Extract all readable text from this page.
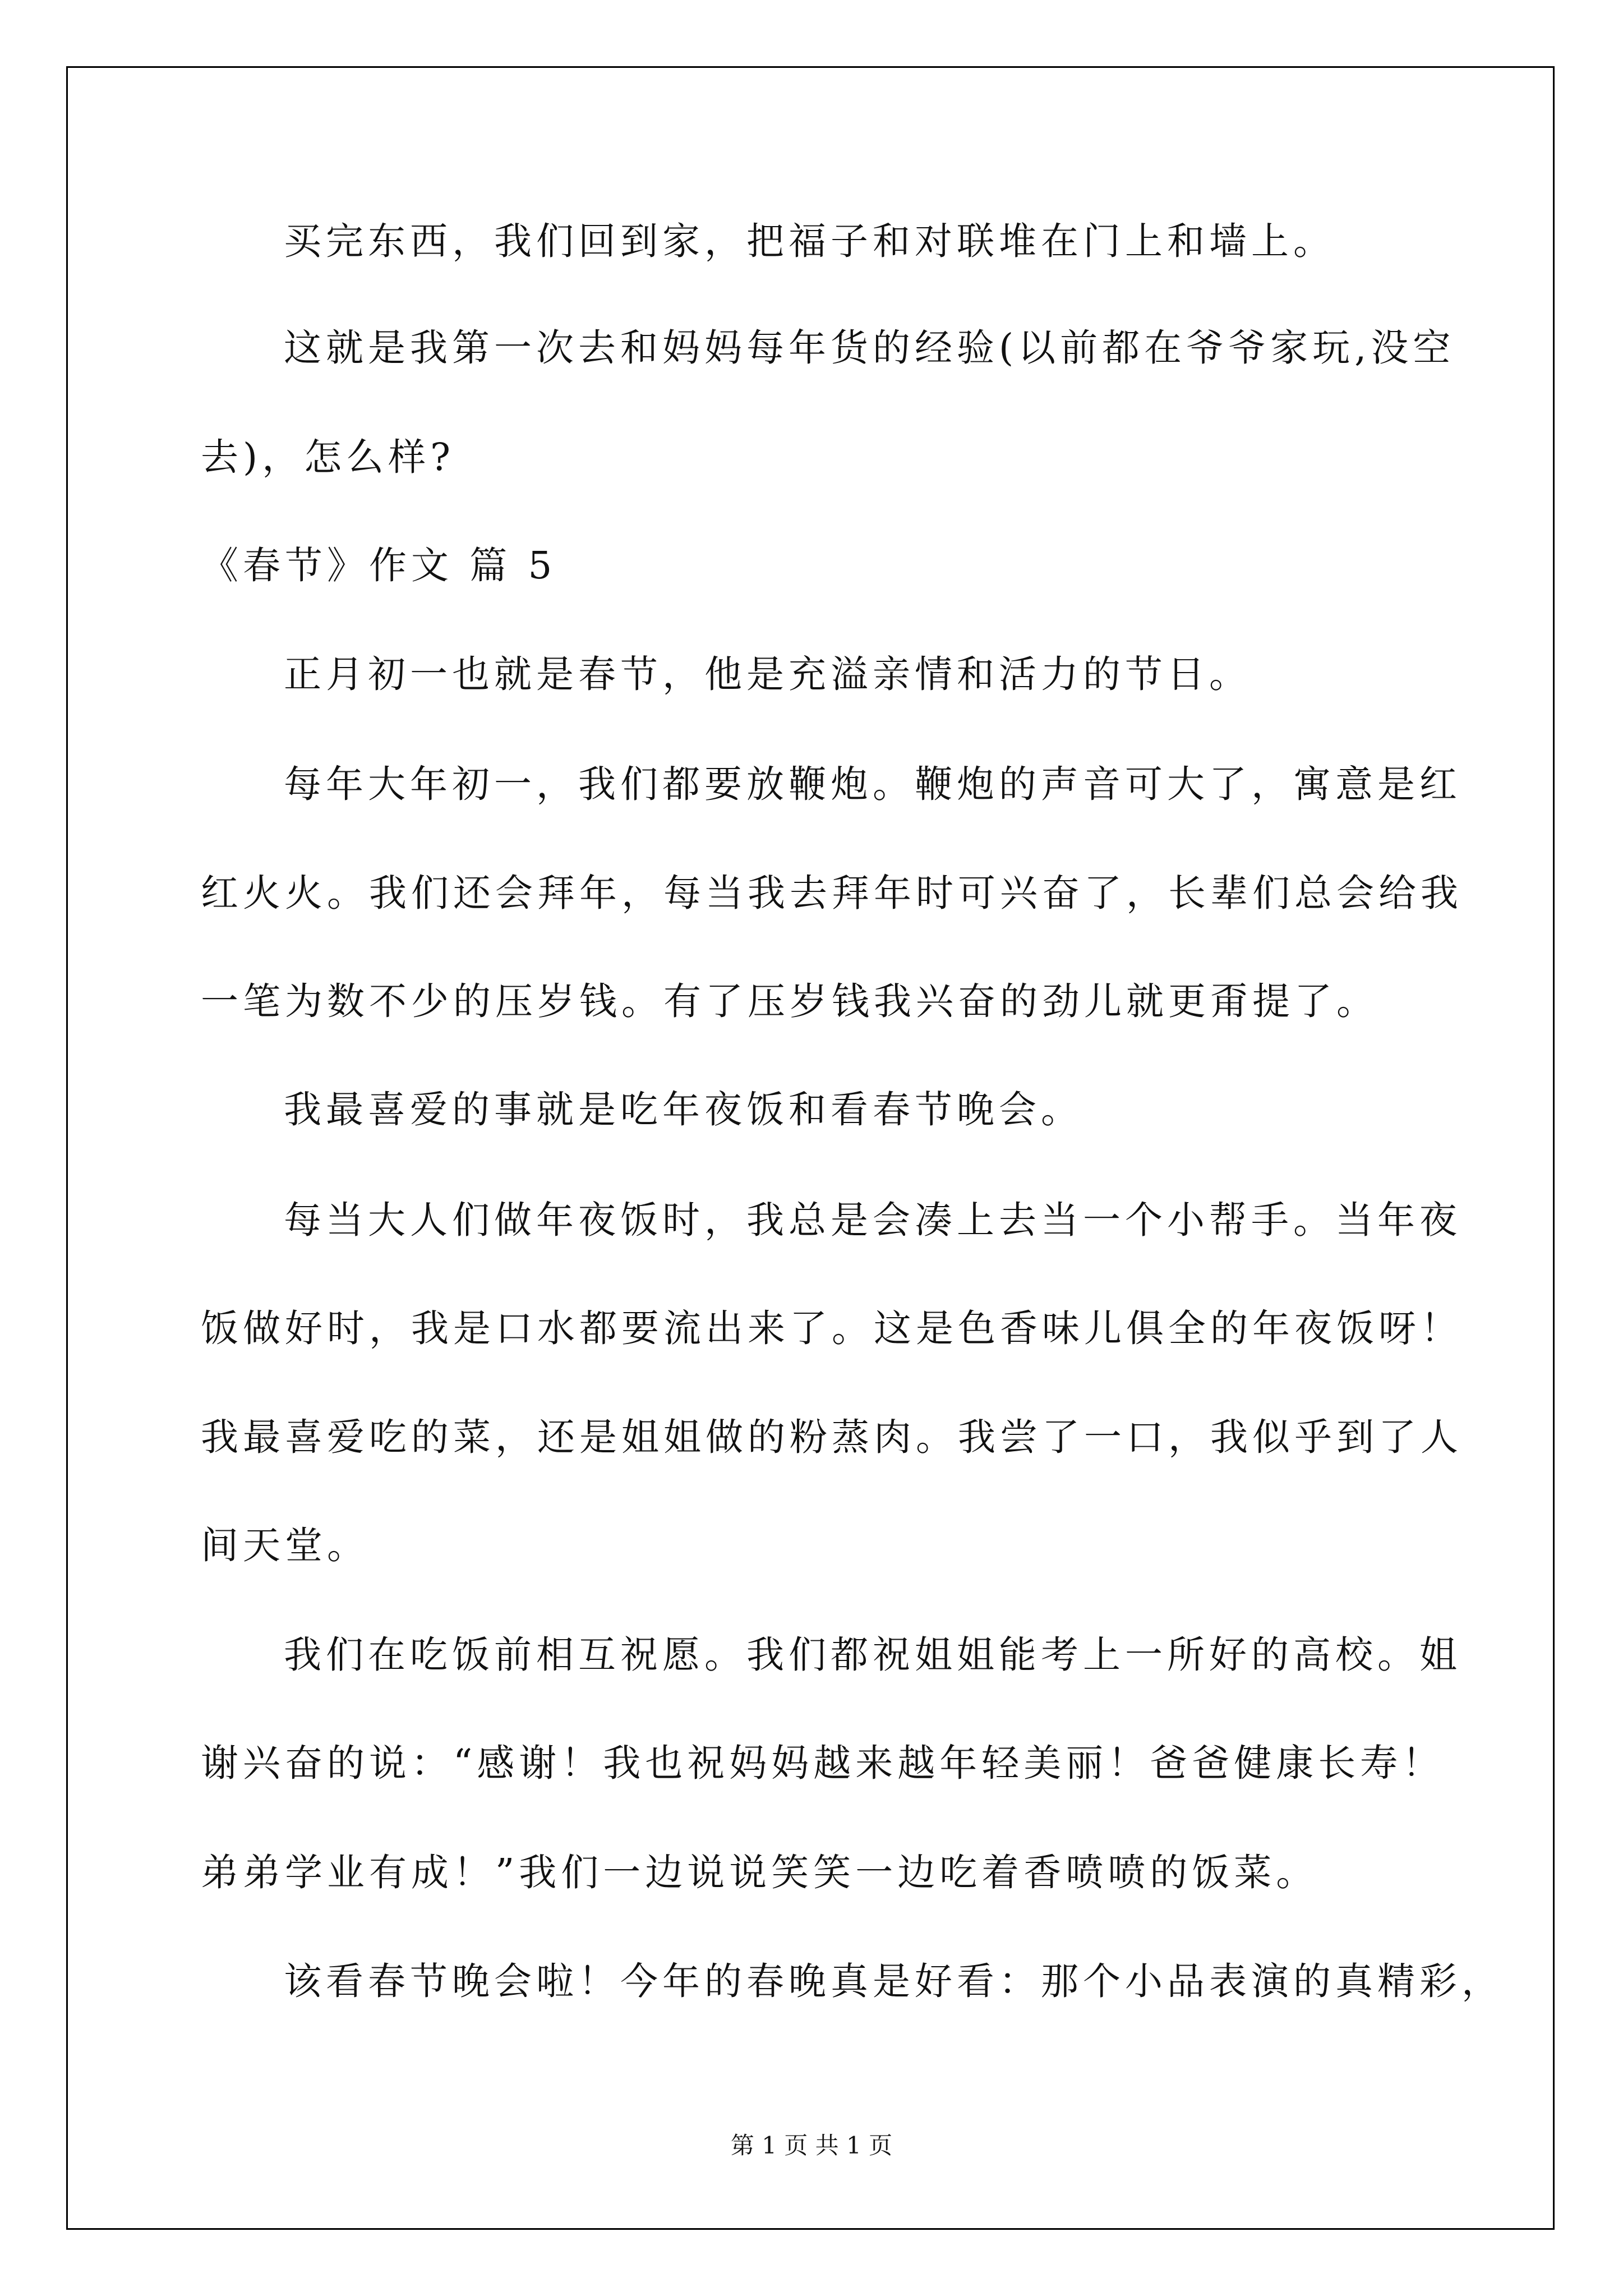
买完东西，我们回到家，把福子和对联堆在门上和墙上。
这就是我第一次去和妈妈每年货的经验(以前都在爷爷家玩,没空
去)，怎么样?
《春节》作文 篇 5
正月初一也就是春节，他是充溢亲情和活力的节日。
每年大年初一，我们都要放鞭炮。鞭炮的声音可大了，寓意是红
红火火。我们还会拜年，每当我去拜年时可兴奋了，长辈们总会给我
一笔为数不少的压岁钱。有了压岁钱我兴奋的劲儿就更甭提了。
我最喜爱的事就是吃年夜饭和看春节晚会。
每当大人们做年夜饭时，我总是会凑上去当一个小帮手。当年夜
饭做好时，我是口水都要流出来了。这是色香味儿俱全的年夜饭呀！
我最喜爱吃的菜，还是姐姐做的粉蒸肉。我尝了一口，我似乎到了人
间天堂。
我们在吃饭前相互祝愿。我们都祝姐姐能考上一所好的高校。姐
谢兴奋的说：“感谢！我也祝妈妈越来越年轻美丽！爸爸健康长寿！
弟弟学业有成！”我们一边说说笑笑一边吃着香喷喷的饭菜。
该看春节晚会啦！今年的春晚真是好看：那个小品表演的真精彩，
第 1 页 共 1 页
